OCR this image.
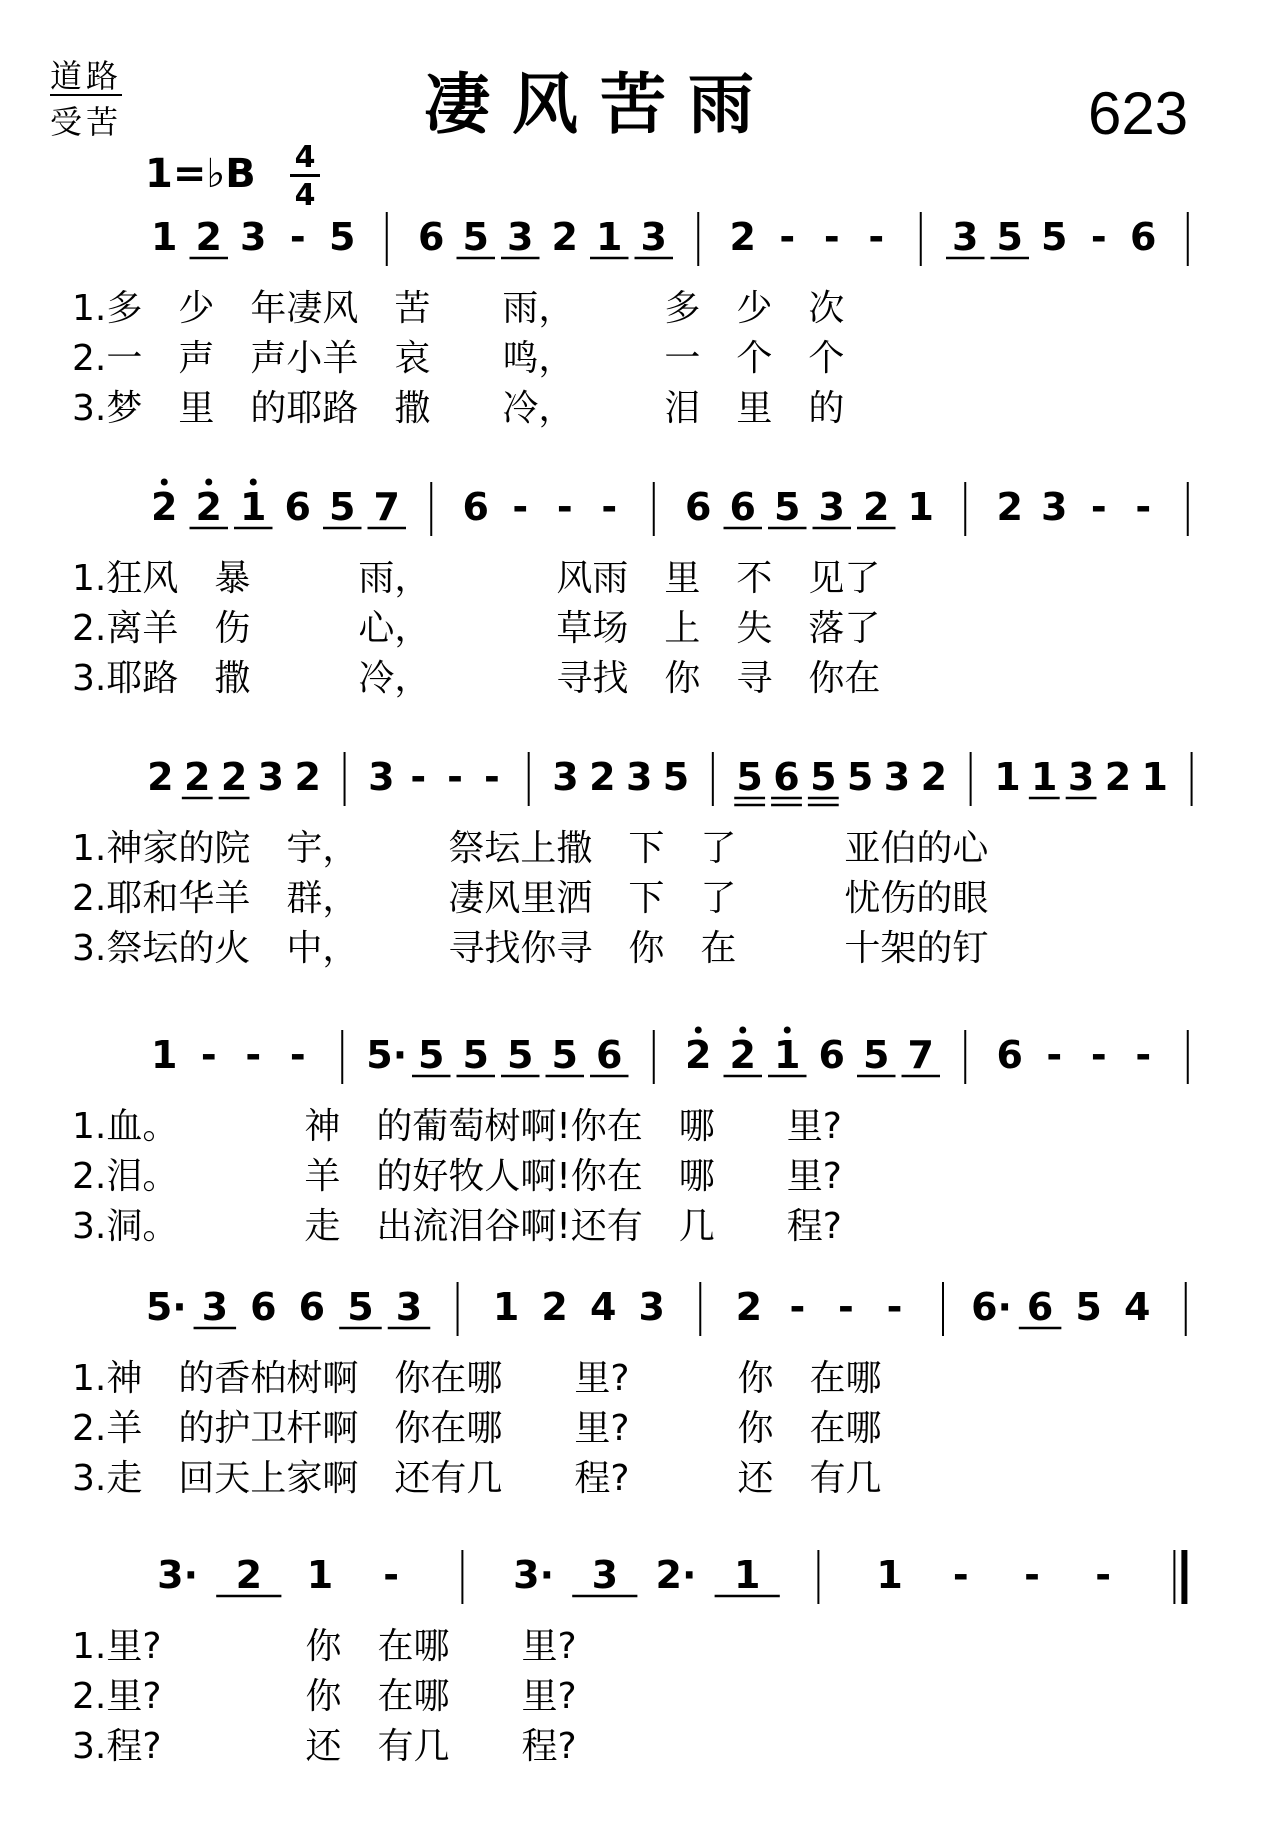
道路
受苦	凄风苦雨	623
1=♭B 4
4
1 2 3 - 5 6 5 3 2 1 3 2 - - - 3 5 5 - 6
1.多　少　年凄风　苦　　雨，　　　多　少　次
2.一　声　声小羊　哀　　鸣，　　　一　个　个
3.梦　里　的耶路　撒　　冷，　　　泪　里　的
2 2 1 6 5 7 6 - - - 6 6 5 3 2 1 2 3 - -
1.狂风　暴　　　雨，　　　　风雨　里　不　见了
2.离羊　伤　　　心，　　　　草场　上　失　落了
3.耶路　撒　　　冷，　　　　寻找　你　寻　你在
2 2 2 3 2 3 - - - 3 2 3 5 5 6 5 5 3 2 1 1 3 2 1
1.神家的院　宇，　　　祭坛上撒　下　了　　　亚伯的心
2.耶和华羊　群，　　　凄风里洒　下　了　　　忧伤的眼
3.祭坛的火　中，　　　寻找你寻　你　在　　　十架的钉
1 - - - 5· 5 5 5 5 6 2 2 1 6 5 7 6 - - -
1.血。　　　　神　的葡萄树啊!你在　哪　　里?
2.泪。　　　　羊　的好牧人啊!你在　哪　　里?
3.洞。　　　　走　出流泪谷啊!还有　几　　程?
5· 3 6 6 5 3 1 2 4 3 2 - - - 6· 6 5 4
1.神　的香柏树啊　你在哪　　里?　　　你　在哪
2.羊　的护卫杆啊　你在哪　　里?　　　你　在哪
3.走　回天上家啊　还有几　　程?　　　还　有几
3· 2 1 -	3· 3 2· 1	1 - - -
1.里?　　　　你　在哪　　里?
2.里?　　　　你　在哪　　里?
3.程?　　　　还　有几　　程?
